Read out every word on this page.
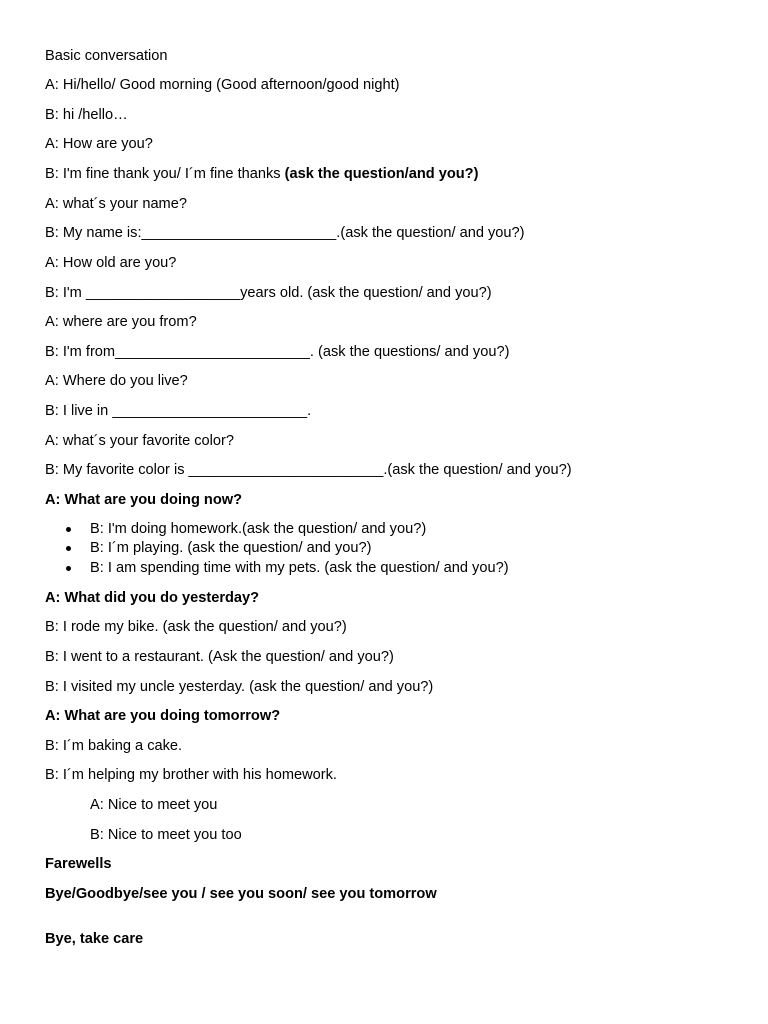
Basic conversation
A: Hi/hello/ Good morning (Good afternoon/good night)
B: hi /hello…
A: How are you?
B: I'm fine thank you/ I´m fine thanks (ask the question/and you?)
A: what´s your name?
B: My name is:________________________.(ask the question/ and you?)
A: How old are you?
B: I'm ___________________years old. (ask the question/ and you?)
A: where are you from?
B: I'm from________________________. (ask the questions/ and you?)
A: Where do you live?
B: I live in ________________________.
A: what´s your favorite color?
B: My favorite color is ________________________.(ask the question/ and you?)
A: What are you doing now?
B: I'm doing homework.(ask the question/ and you?)
B: I´m playing. (ask the question/ and you?)
B: I am spending time with my pets. (ask the question/ and you?)
A: What did you do yesterday?
B: I rode my bike. (ask the question/ and you?)
B: I went to a restaurant. (Ask the question/ and you?)
B: I visited my uncle yesterday. (ask the question/ and you?)
A: What are you doing tomorrow?
B: I´m baking a cake.
B: I´m helping my brother with his homework.
A: Nice to meet you
B: Nice to meet you too
Farewells
Bye/Goodbye/see you / see you soon/ see you tomorrow
Bye, take care
